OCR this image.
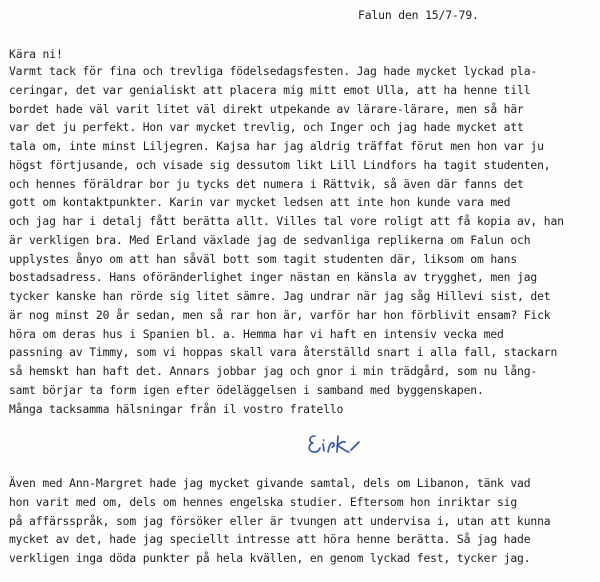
Falun den 15/7-79.
Kära ni!
Varmt tack för fina och trevliga födelsedagsfesten. Jag hade mycket lyckad pla-
ceringar, det var genialiskt att placera mig mitt emot Ulla, att ha henne till
bordet hade väl varit litet väl direkt utpekande av lärare-lärare, men så här
var det ju perfekt. Hon var mycket trevlig, och Inger och jag hade mycket att
tala om, inte minst Liljegren. Kajsa har jag aldrig träffat förut men hon var ju
högst förtjusande, och visade sig dessutom likt Lill Lindfors ha tagit studenten,
och hennes föräldrar bor ju tycks det numera i Rättvik, så även där fanns det
gott om kontaktpunkter. Karin var mycket ledsen att inte hon kunde vara med
och jag har i detalj fått berätta allt. Villes tal vore roligt att få kopia av, han
är verkligen bra. Med Erland växlade jag de sedvanliga replikerna om Falun och
upplystes ånyo om att han såväl bott som tagit studenten där, liksom om hans
bostadsadress. Hans oföränderlighet inger nästan en känsla av trygghet, men jag
tycker kanske han rörde sig litet sämre. Jag undrar när jag såg Hillevi sist, det
är nog minst 20 år sedan, men så rar hon är, varför har hon förblivit ensam? Fick
höra om deras hus i Spanien bl. a. Hemma har vi haft en intensiv vecka med
passning av Timmy, som vi hoppas skall vara återställd snart i alla fall, stackarn
så hemskt han haft det. Annars jobbar jag och gnor i min trädgård, som nu lång-
samt börjar ta form igen efter ödeläggelsen i samband med byggenskapen.
Många tacksamma hälsningar från il vostro fratello
Även med Ann-Margret hade jag mycket givande samtal, dels om Libanon, tänk vad
hon varit med om, dels om hennes engelska studier. Eftersom hon inriktar sig
på affärsspråk, som jag försöker eller är tvungen att undervisa i, utan att kunna
mycket av det, hade jag speciellt intresse att höra henne berätta. Så jag hade
verkligen inga döda punkter på hela kvällen, en genom lyckad fest, tycker jag.
